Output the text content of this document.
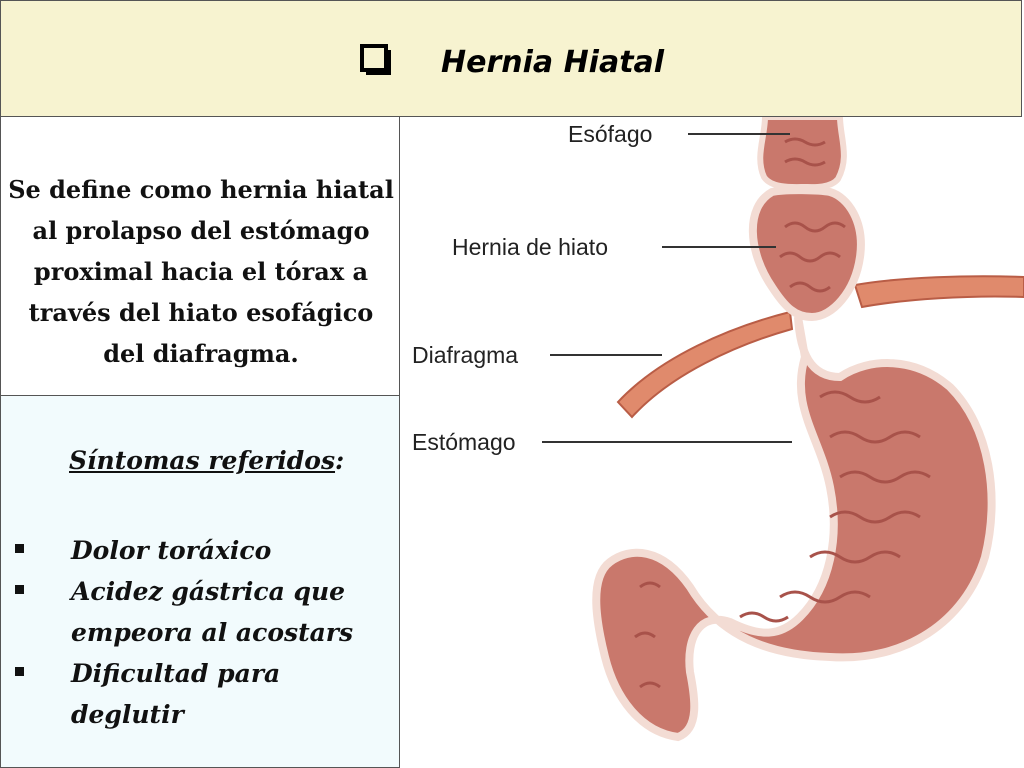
Hernia Hiatal
Se define como hernia hiatal al prolapso del estómago proximal hacia el tórax a través del hiato esofágico del diafragma.
Síntomas referidos:
Dolor toráxico
Acidez gástrica que empeora al acostars
Dificultad para deglutir
Esófago
Hernia de hiato
Diafragma
Estómago
